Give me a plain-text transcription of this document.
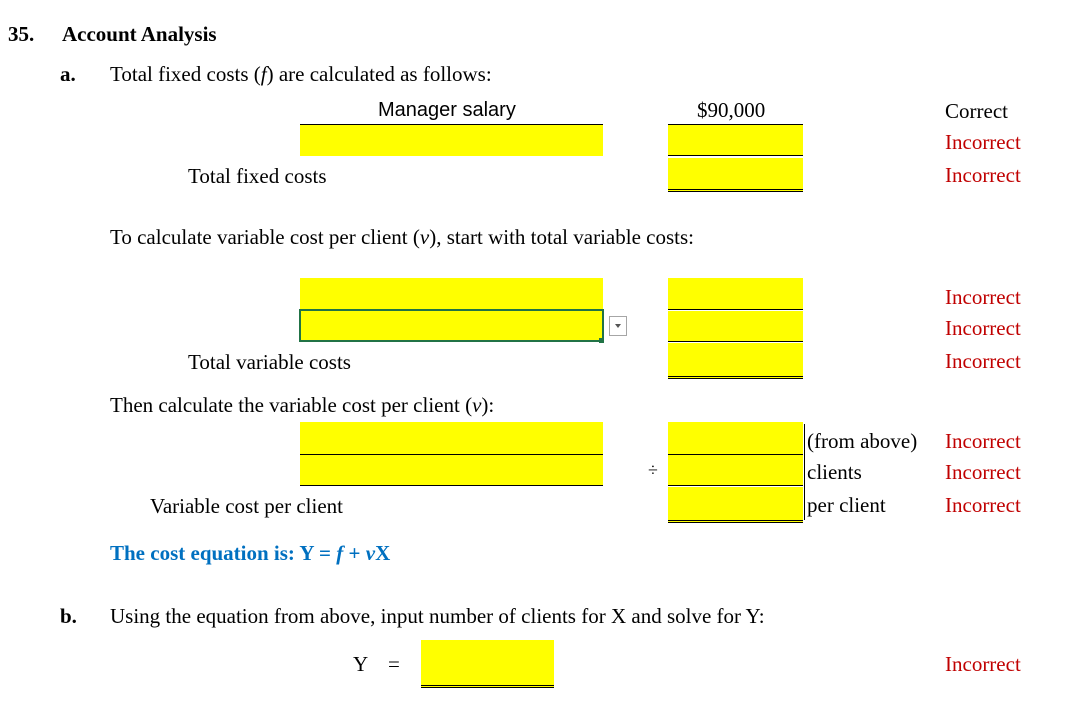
35. Account Analysis
a. Total fixed costs (f) are calculated as follows:
Manager salary	$90,000	Correct
Incorrect
Total fixed costs	Incorrect
To calculate variable cost per client (v), start with total variable costs:
Incorrect
Incorrect
Total variable costs	Incorrect
Then calculate the variable cost per client (v):
(from above) Incorrect
÷	clients	Incorrect
Variable cost per client	per client	Incorrect
The cost equation is: Y = f + vX
b. Using the equation from above, input number of clients for X and solve for Y:
Y =	Incorrect
